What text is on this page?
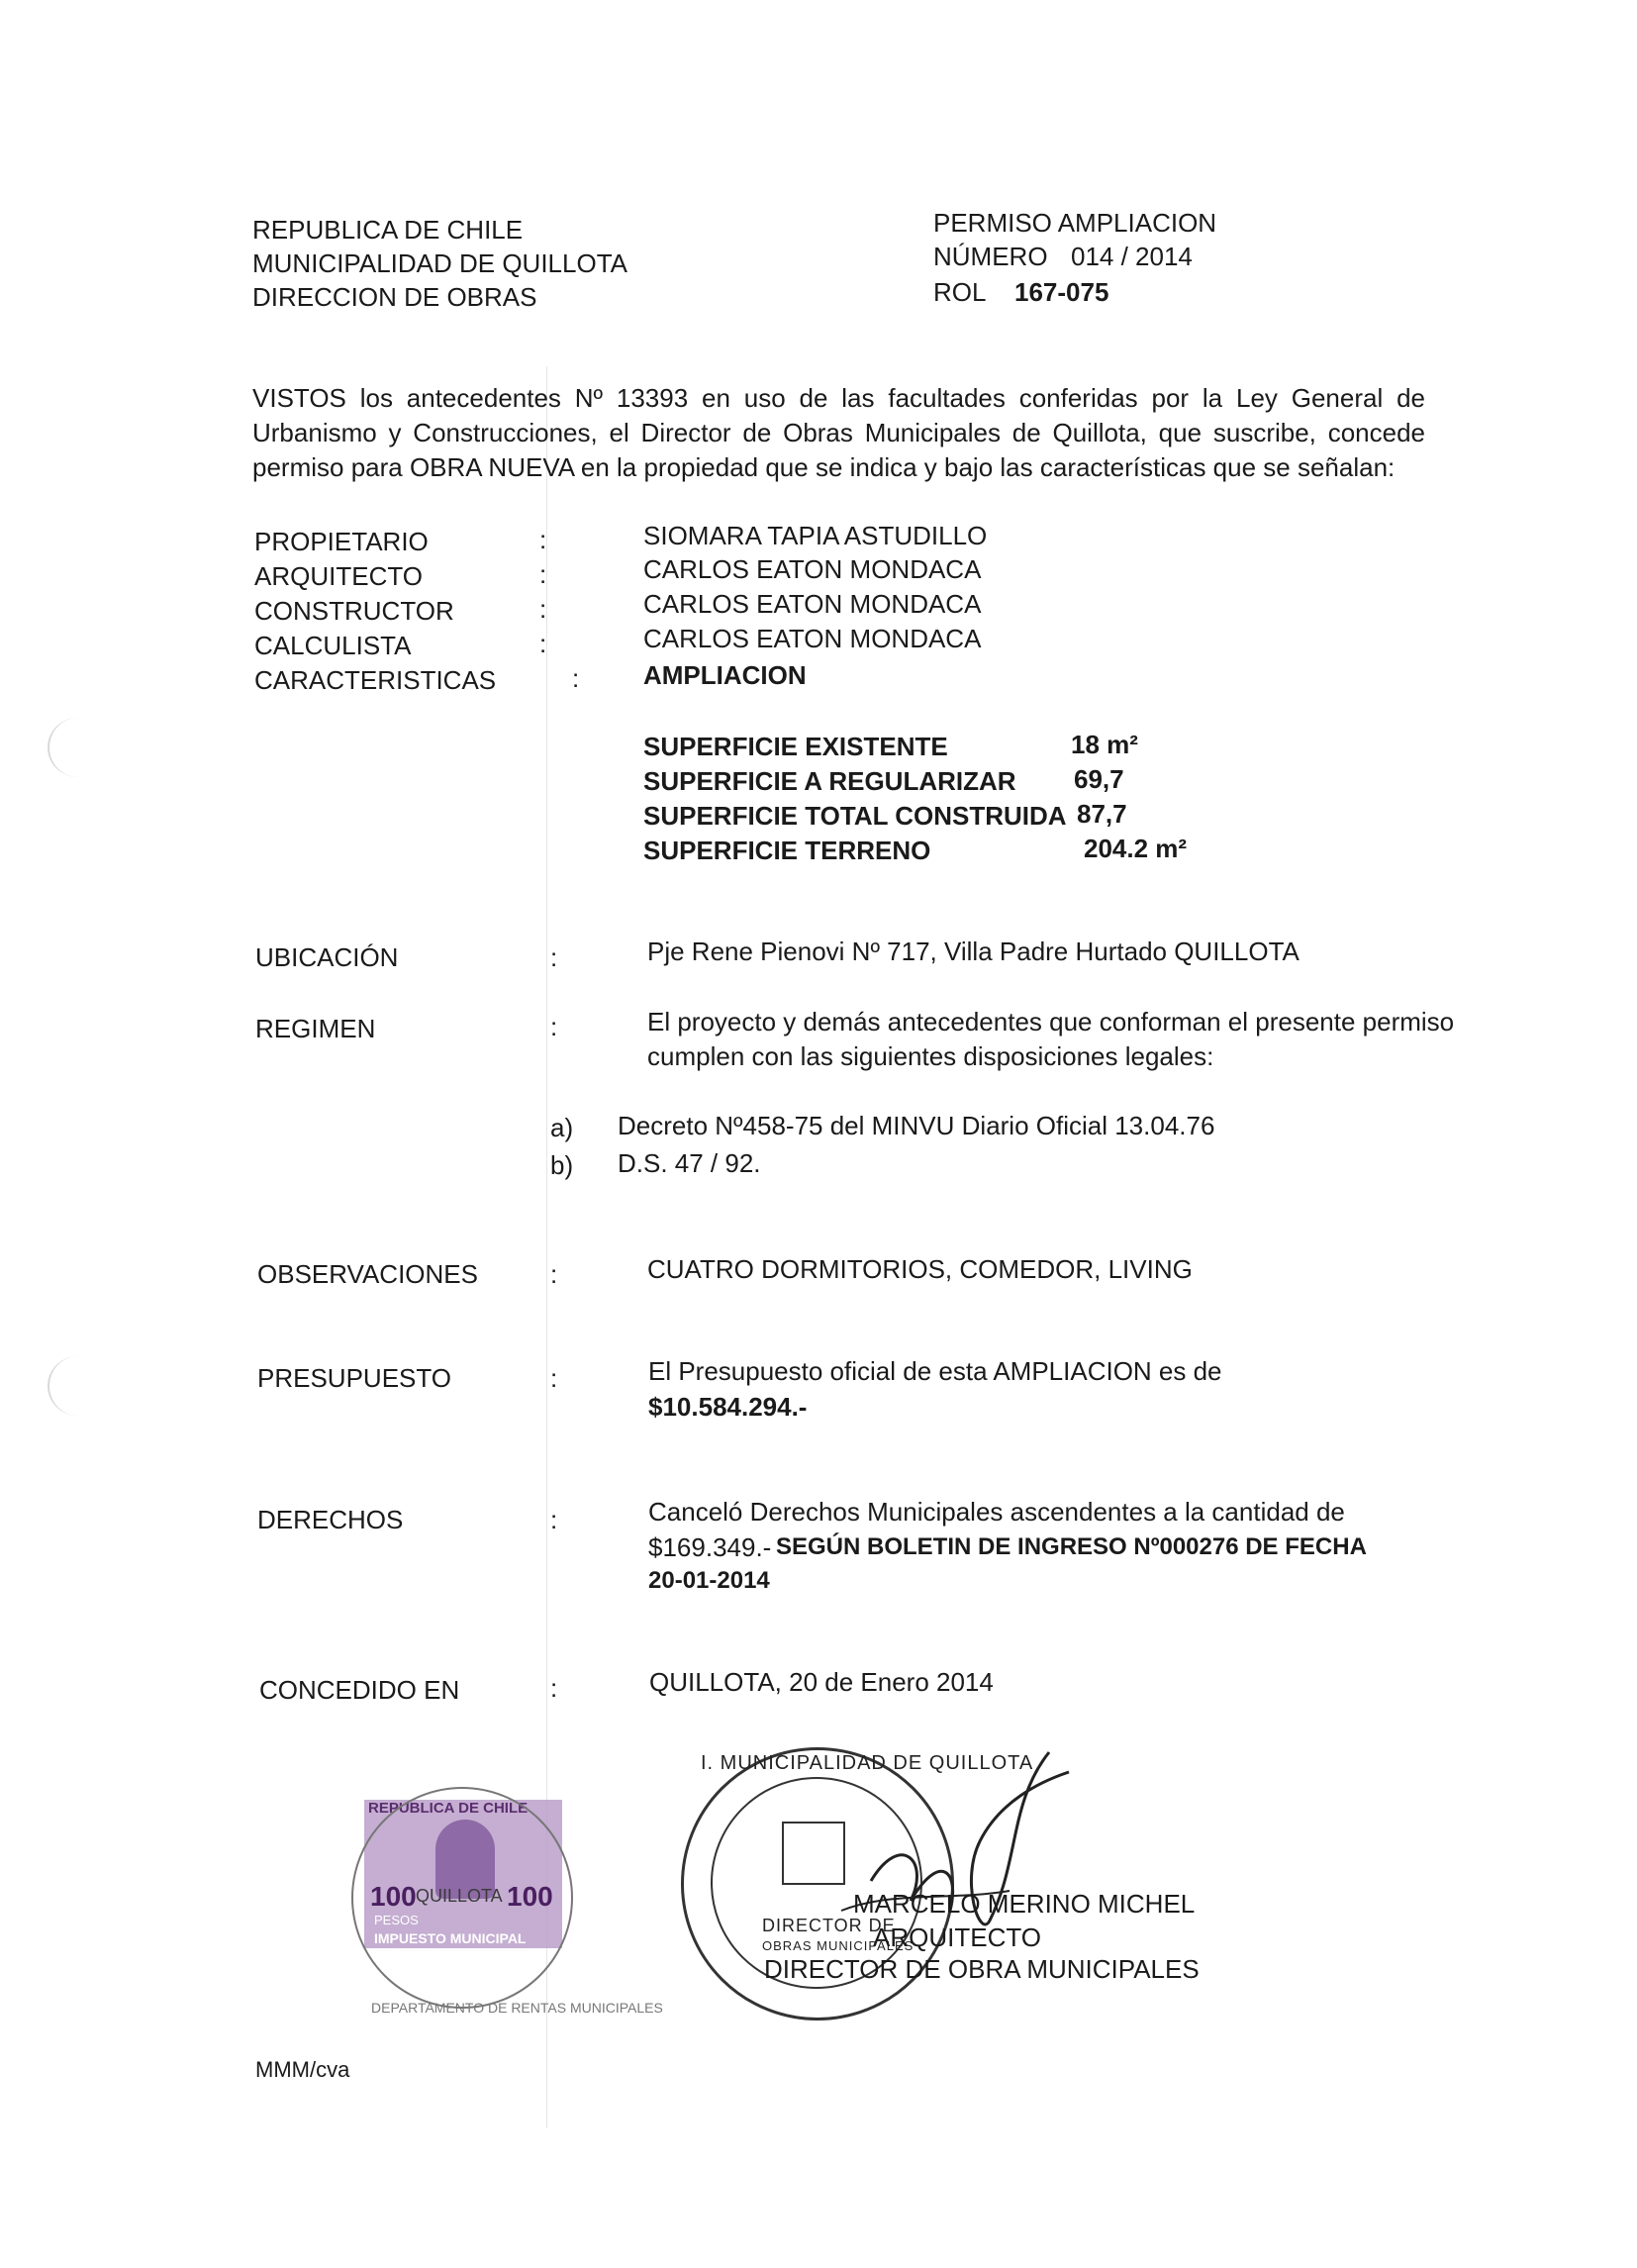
REPUBLICA DE CHILE
MUNICIPALIDAD DE QUILLOTA
DIRECCION DE OBRAS
PERMISO AMPLIACION
NÚMERO 014 / 2014
ROL 167-075
VISTOS los antecedentes Nº 13393 en uso de las facultades conferidas por la Ley General de
Urbanismo y Construcciones, el Director de Obras Municipales de Quillota, que suscribe, concede
permiso para OBRA NUEVA en la propiedad que se indica y bajo las características que se señalan:
PROPIETARIO	:	SIOMARA TAPIA ASTUDILLO
ARQUITECTO	:	CARLOS EATON MONDACA
CONSTRUCTOR	:	CARLOS EATON MONDACA
CALCULISTA	:	CARLOS EATON MONDACA
CARACTERISTICAS	: AMPLIACION
SUPERFICIE EXISTENTE	18 m²
SUPERFICIE A REGULARIZAR 69,7
SUPERFICIE TOTAL CONSTRUIDA 87,7
SUPERFICIE TERRENO	204.2 m²
UBICACIÓN	:	Pje Rene Pienovi Nº 717, Villa Padre Hurtado QUILLOTA
REGIMEN	:	El proyecto y demás antecedentes que conforman el presente permiso
cumplen con las siguientes disposiciones legales:
a) Decreto Nº458-75 del MINVU Diario Oficial 13.04.76
b) D.S. 47 / 92.
OBSERVACIONES	:	CUATRO DORMITORIOS, COMEDOR, LIVING
PRESUPUESTO	:	El Presupuesto oficial de esta AMPLIACION es de
$10.584.294.-
DERECHOS	:	Canceló Derechos Municipales ascendentes a la cantidad de
$169.349.- SEGÚN BOLETIN DE INGRESO Nº000276 DE FECHA
20-01-2014
CONCEDIDO EN	:	QUILLOTA, 20 de Enero 2014
REPUBLICA DE CHILE
100	100
QUILLOTA
PESOS
IMPUESTO MUNICIPAL
DEPARTAMENTO DE RENTAS MUNICIPALES
I. MUNICIPALIDAD DE QUILLOTA
DIRECTOR DE
OBRAS MUNICIPALES
MARCELO MERINO MICHEL
ARQUITECTO
DIRECTOR DE OBRA MUNICIPALES
MMM/cva
